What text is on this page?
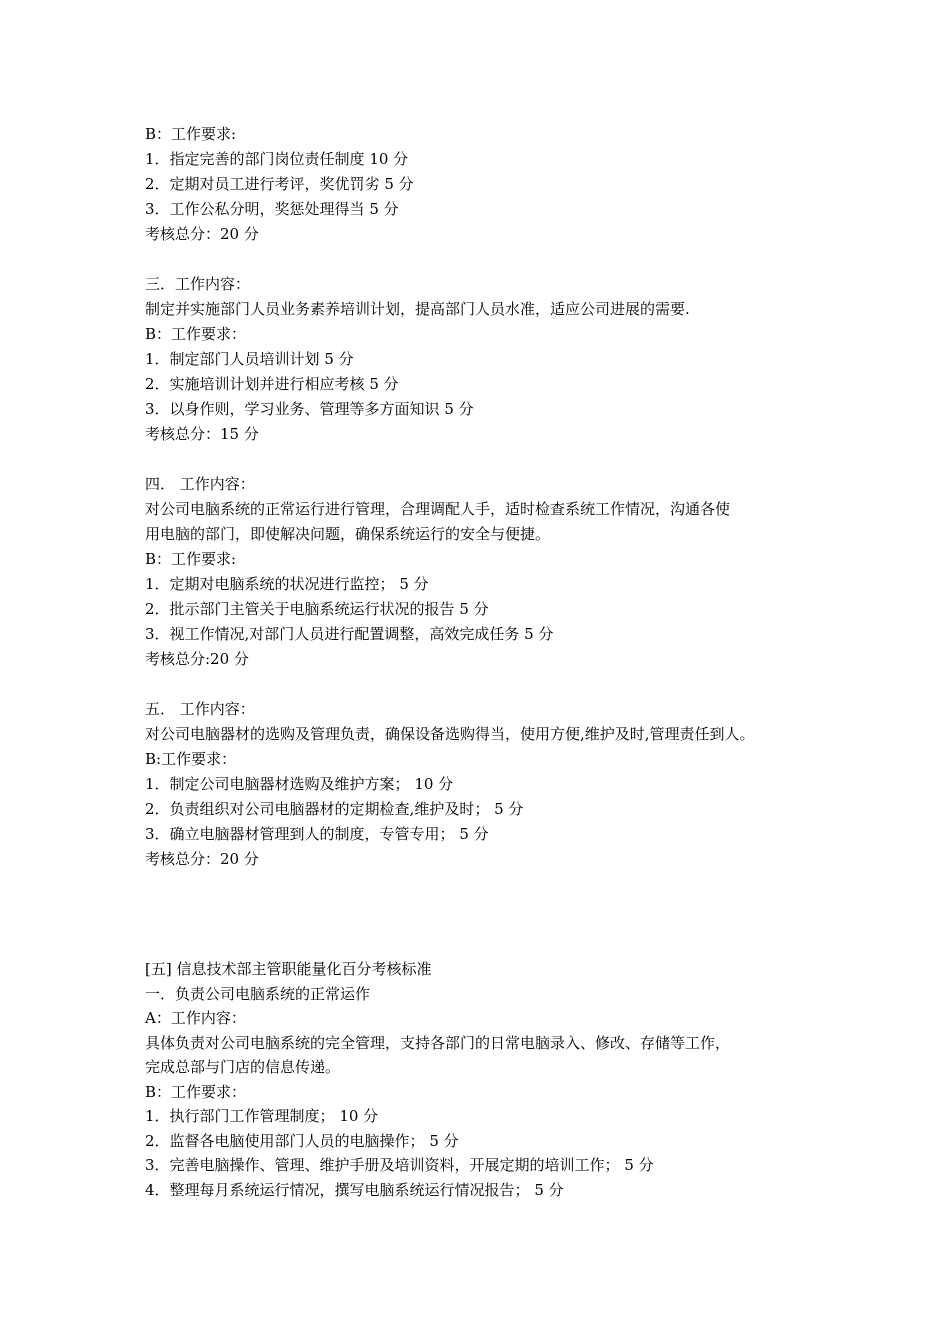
B：工作要求:
1．指定完善的部门岗位责任制度 10 分
2．定期对员工进行考评，奖优罚劣 5 分
3．工作公私分明，奖惩处理得当 5 分
考核总分：20 分
三．工作内容：
制定并实施部门人员业务素养培训计划，提高部门人员水准，适应公司进展的需要.
B：工作要求：
1．制定部门人员培训计划 5 分
2．实施培训计划并进行相应考核 5 分
3．以身作则，学习业务、管理等多方面知识 5 分
考核总分：15 分
四． 工作内容：
对公司电脑系统的正常运行进行管理，合理调配人手，适时检查系统工作情况，沟通各使
用电脑的部门，即使解决问题，确保系统运行的安全与便捷。
B：工作要求:
1．定期对电脑系统的状况进行监控； 5 分
2．批示部门主管关于电脑系统运行状况的报告 5 分
3．视工作情况,对部门人员进行配置调整，高效完成任务 5 分
考核总分:20 分
五． 工作内容：
对公司电脑器材的选购及管理负责，确保设备选购得当，使用方便,维护及时,管理责任到人。
B:工作要求：
1．制定公司电脑器材选购及维护方案； 10 分
2．负责组织对公司电脑器材的定期检查,维护及时； 5 分
3．确立电脑器材管理到人的制度，专管专用； 5 分
考核总分：20 分
[五] 信息技术部主管职能量化百分考核标准
一．负责公司电脑系统的正常运作
A：工作内容：
具体负责对公司电脑系统的完全管理，支持各部门的日常电脑录入、修改、存储等工作，
完成总部与门店的信息传递。
B：工作要求：
1．执行部门工作管理制度； 10 分
2．监督各电脑使用部门人员的电脑操作； 5 分
3．完善电脑操作、管理、维护手册及培训资料，开展定期的培训工作； 5 分
4．整理每月系统运行情况，撰写电脑系统运行情况报告； 5 分
